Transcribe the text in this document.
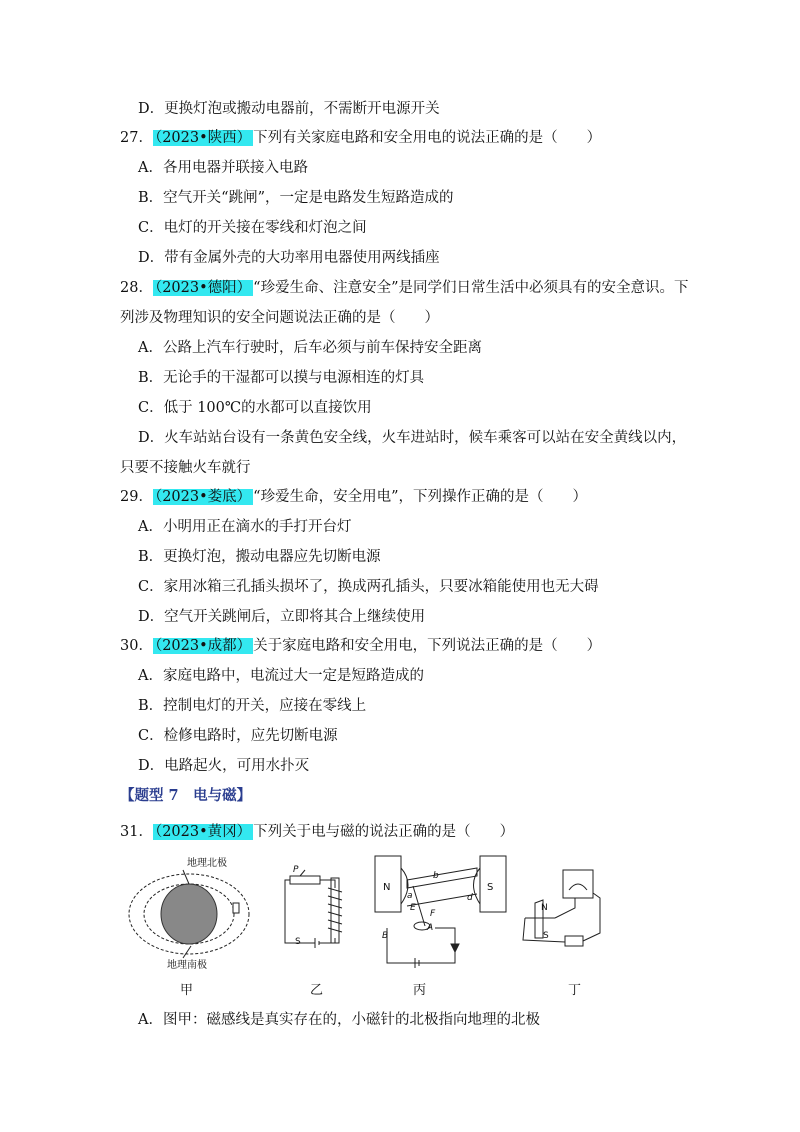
D．更换灯泡或搬动电器前，不需断开电源开关
27． （2023•陕西） 下列有关家庭电路和安全用电的说法正确的是（　　）
A．各用电器并联接入电路
B．空气开关“跳闸”，一定是电路发生短路造成的
C．电灯的开关接在零线和灯泡之间
D．带有金属外壳的大功率用电器使用两线插座
28． （2023•德阳） “珍爱生命、注意安全”是同学们日常生活中必须具有的安全意识。下
列涉及物理知识的安全问题说法正确的是（　　）
A．公路上汽车行驶时，后车必须与前车保持安全距离
B．无论手的干湿都可以摸与电源相连的灯具
C．低于 100℃的水都可以直接饮用
D．火车站站台设有一条黄色安全线，火车进站时，候车乘客可以站在安全黄线以内，
只要不接触火车就行
29． （2023•娄底） “珍爱生命，安全用电”，下列操作正确的是（　　）
A．小明用正在滴水的手打开台灯
B．更换灯泡，搬动电器应先切断电源
C．家用冰箱三孔插头损坏了，换成两孔插头，只要冰箱能使用也无大碍
D．空气开关跳闸后，立即将其合上继续使用
30． （2023•成都） 关于家庭电路和安全用电，下列说法正确的是（　　）
A．家庭电路中，电流过大一定是短路造成的
B．控制电灯的开关，应接在零线上
C．检修电路时，应先切断电源
D．电路起火，可用水扑灭
【题型 7　电与磁】
31． （2023•黄冈） 下列关于电与磁的说法正确的是（　　）
地理北极
地理南极
P
S
N	S
a
b
d
E
F
A
B
N
S
甲	乙	丙	丁
A．图甲：磁感线是真实存在的，小磁针的北极指向地理的北极
